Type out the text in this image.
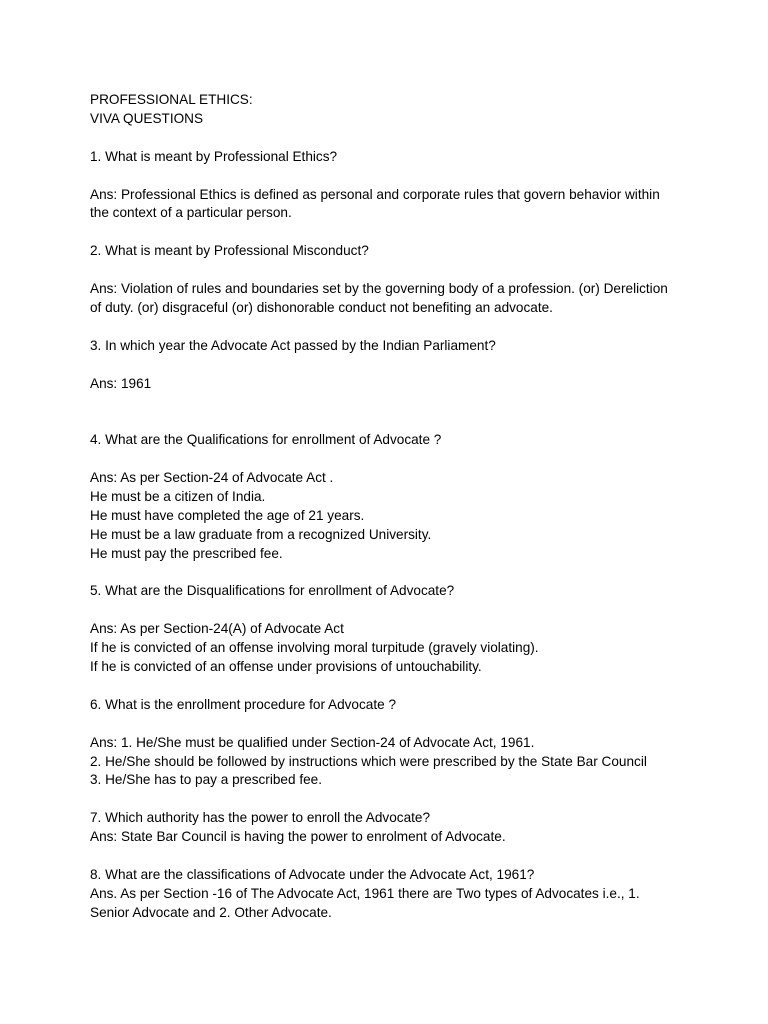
PROFESSIONAL ETHICS:
VIVA QUESTIONS
1. What is meant by Professional Ethics?
Ans: Professional Ethics is defined as personal and corporate rules that govern behavior within
the context of a particular person.
2. What is meant by Professional Misconduct?
Ans: Violation of rules and boundaries set by the governing body of a profession. (or) Dereliction
of duty. (or) disgraceful (or) dishonorable conduct not benefiting an advocate.
3. In which year the Advocate Act passed by the Indian Parliament?
Ans: 1961
4. What are the Qualifications for enrollment of Advocate ?
Ans: As per Section-24 of Advocate Act .
He must be a citizen of India.
He must have completed the age of 21 years.
He must be a law graduate from a recognized University.
He must pay the prescribed fee.
5. What are the Disqualifications for enrollment of Advocate?
Ans: As per Section-24(A) of Advocate Act
If he is convicted of an offense involving moral turpitude (gravely violating).
If he is convicted of an offense under provisions of untouchability.
6. What is the enrollment procedure for Advocate ?
Ans: 1. He/She must be qualified under Section-24 of Advocate Act, 1961.
2. He/She should be followed by instructions which were prescribed by the State Bar Council
3. He/She has to pay a prescribed fee.
7. Which authority has the power to enroll the Advocate?
Ans: State Bar Council is having the power to enrolment of Advocate.
8. What are the classifications of Advocate under the Advocate Act, 1961?
Ans. As per Section -16 of The Advocate Act, 1961 there are Two types of Advocates i.e., 1.
Senior Advocate and 2. Other Advocate.
